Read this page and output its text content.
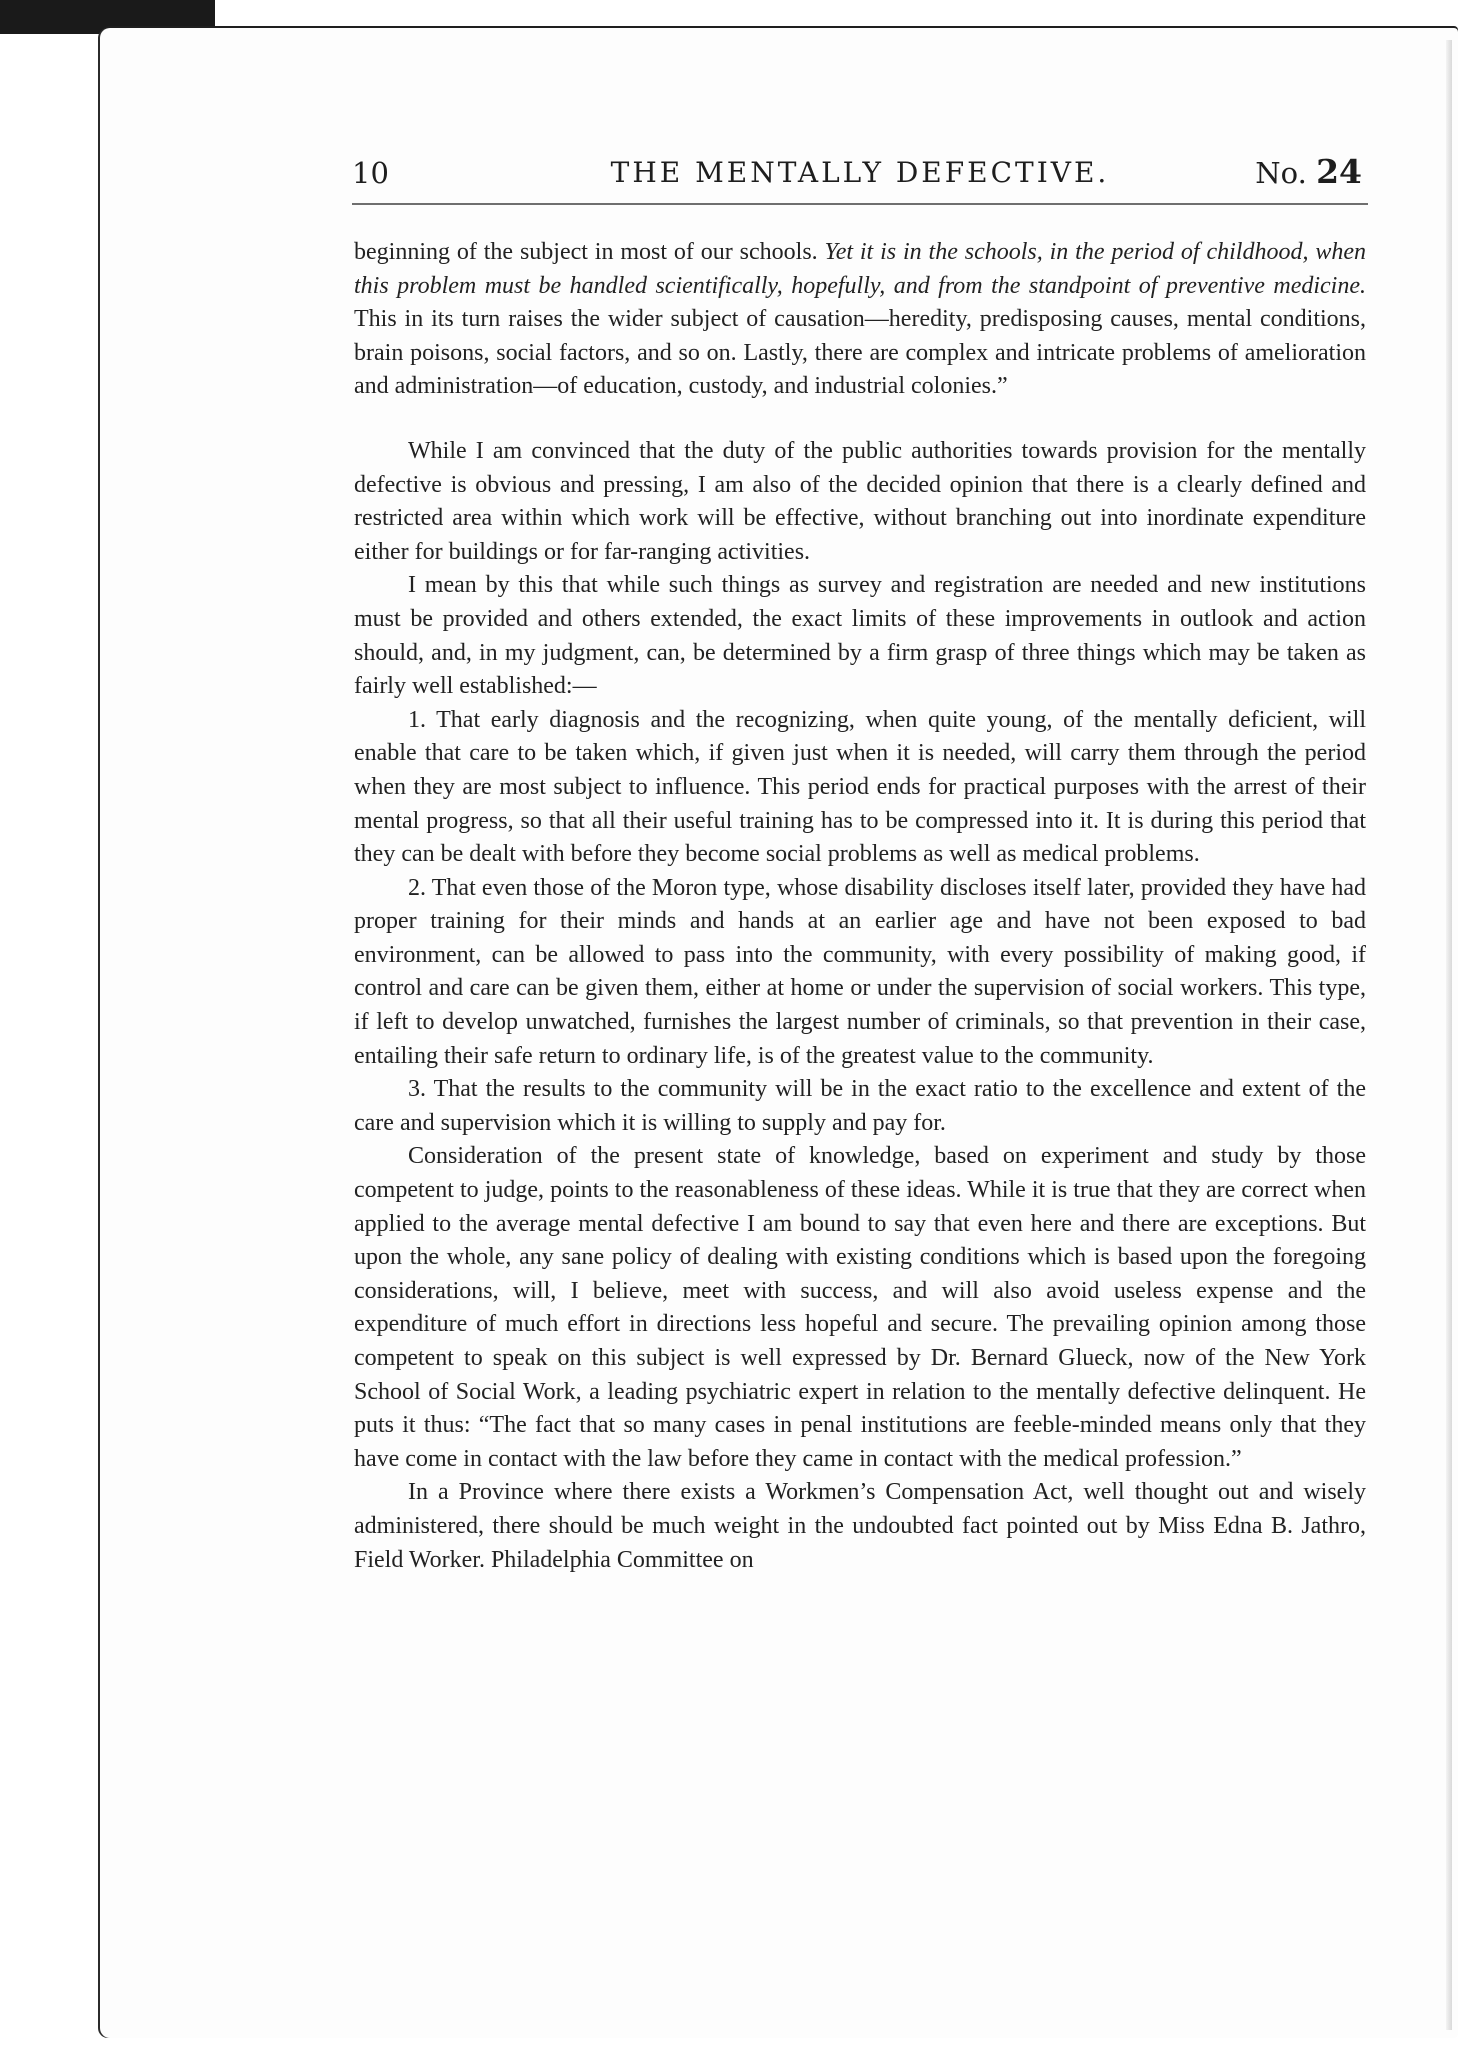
10	THE MENTALLY DEFECTIVE.	No. 24

beginning of the subject in most of our schools. Yet it is in the schools, in the period of childhood, when this problem must be handled scientifically, hopefully, and from the standpoint of preventive medicine. This in its turn raises the wider subject of causation—heredity, predisposing causes, mental conditions, brain poisons, social factors, and so on. Lastly, there are complex and intricate problems of amelioration and administration—of education, custody, and industrial colonies.”

While I am convinced that the duty of the public authorities towards provision for the mentally defective is obvious and pressing, I am also of the decided opinion that there is a clearly defined and restricted area within which work will be effective, without branching out into inordinate expenditure either for buildings or for far-ranging activities.

I mean by this that while such things as survey and registration are needed and new institutions must be provided and others extended, the exact limits of these improvements in outlook and action should, and, in my judgment, can, be determined by a firm grasp of three things which may be taken as fairly well established:—

1. That early diagnosis and the recognizing, when quite young, of the mentally deficient, will enable that care to be taken which, if given just when it is needed, will carry them through the period when they are most subject to influence. This period ends for practical purposes with the arrest of their mental progress, so that all their useful training has to be compressed into it. It is during this period that they can be dealt with before they become social problems as well as medical problems.

2. That even those of the Moron type, whose disability discloses itself later, provided they have had proper training for their minds and hands at an earlier age and have not been exposed to bad environment, can be allowed to pass into the community, with every possibility of making good, if control and care can be given them, either at home or under the supervision of social workers. This type, if left to develop unwatched, furnishes the largest number of criminals, so that prevention in their case, entailing their safe return to ordinary life, is of the greatest value to the community.

3. That the results to the community will be in the exact ratio to the excellence and extent of the care and supervision which it is willing to supply and pay for.

Consideration of the present state of knowledge, based on experiment and study by those competent to judge, points to the reasonableness of these ideas. While it is true that they are correct when applied to the average mental defective I am bound to say that even here and there are exceptions. But upon the whole, any sane policy of dealing with existing conditions which is based upon the foregoing considerations, will, I believe, meet with success, and will also avoid useless expense and the expenditure of much effort in directions less hopeful and secure. The prevailing opinion among those competent to speak on this subject is well expressed by Dr. Bernard Glueck, now of the New York School of Social Work, a leading psychiatric expert in relation to the mentally defective delinquent. He puts it thus: “The fact that so many cases in penal institutions are feeble-minded means only that they have come in contact with the law before they came in contact with the medical profession.”

In a Province where there exists a Workmen’s Compensation Act, well thought out and wisely administered, there should be much weight in the undoubted fact pointed out by Miss Edna B. Jathro, Field Worker. Philadelphia Committee on
